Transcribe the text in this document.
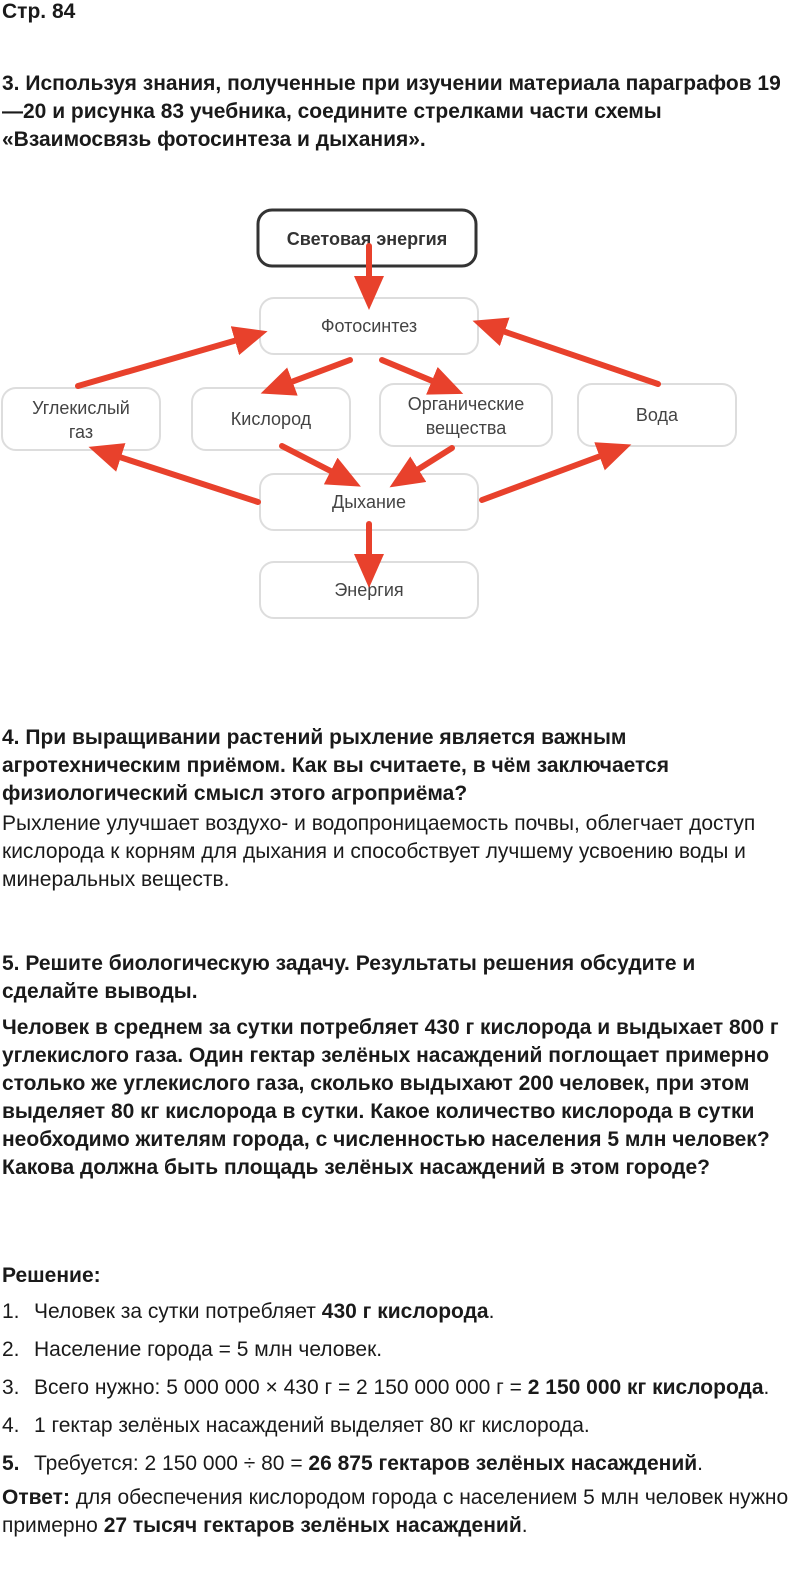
Стр. 84
3. Используя знания, полученные при изучении материала параграфов 19—20 и рисунка 83 учебника, соедините стрелками части схемы «Взаимосвязь фотосинтеза и дыхания».
Световая энергия
Фотосинтез
Углекислый
газ
Кислород
Органические
вещества
Вода
Дыхание
Энергия
4. При выращивании растений рыхление является важным агротехническим приёмом. Как вы считаете, в чём заключается физиологический смысл этого агроприёма?
Рыхление улучшает воздухо- и водопроницаемость почвы, облегчает доступ кислорода к корням для дыхания и способствует лучшему усвоению воды и минеральных веществ.
5. Решите биологическую задачу. Результаты решения обсудите и сделайте выводы.
Человек в среднем за сутки потребляет 430 г кислорода и выдыхает 800 г углекислого газа. Один гектар зелёных насаждений поглощает примерно столько же углекислого газа, сколько выдыхают 200 человек, при этом выделяет 80 кг кислорода в сутки. Какое количество кислорода в сутки необходимо жителям города, с численностью населения 5 млн человек? Какова должна быть площадь зелёных насаждений в этом городе?
Решение:
1. Человек за сутки потребляет 430 г кислорода.
2. Население города = 5 млн человек.
3. Всего нужно: 5 000 000 × 430 г = 2 150 000 000 г = 2 150 000 кг кислорода.
4. 1 гектар зелёных насаждений выделяет 80 кг кислорода.
5. Требуется: 2 150 000 ÷ 80 = 26 875 гектаров зелёных насаждений.
Ответ: для обеспечения кислородом города с населением 5 млн человек нужно примерно 27 тысяч гектаров зелёных насаждений.
